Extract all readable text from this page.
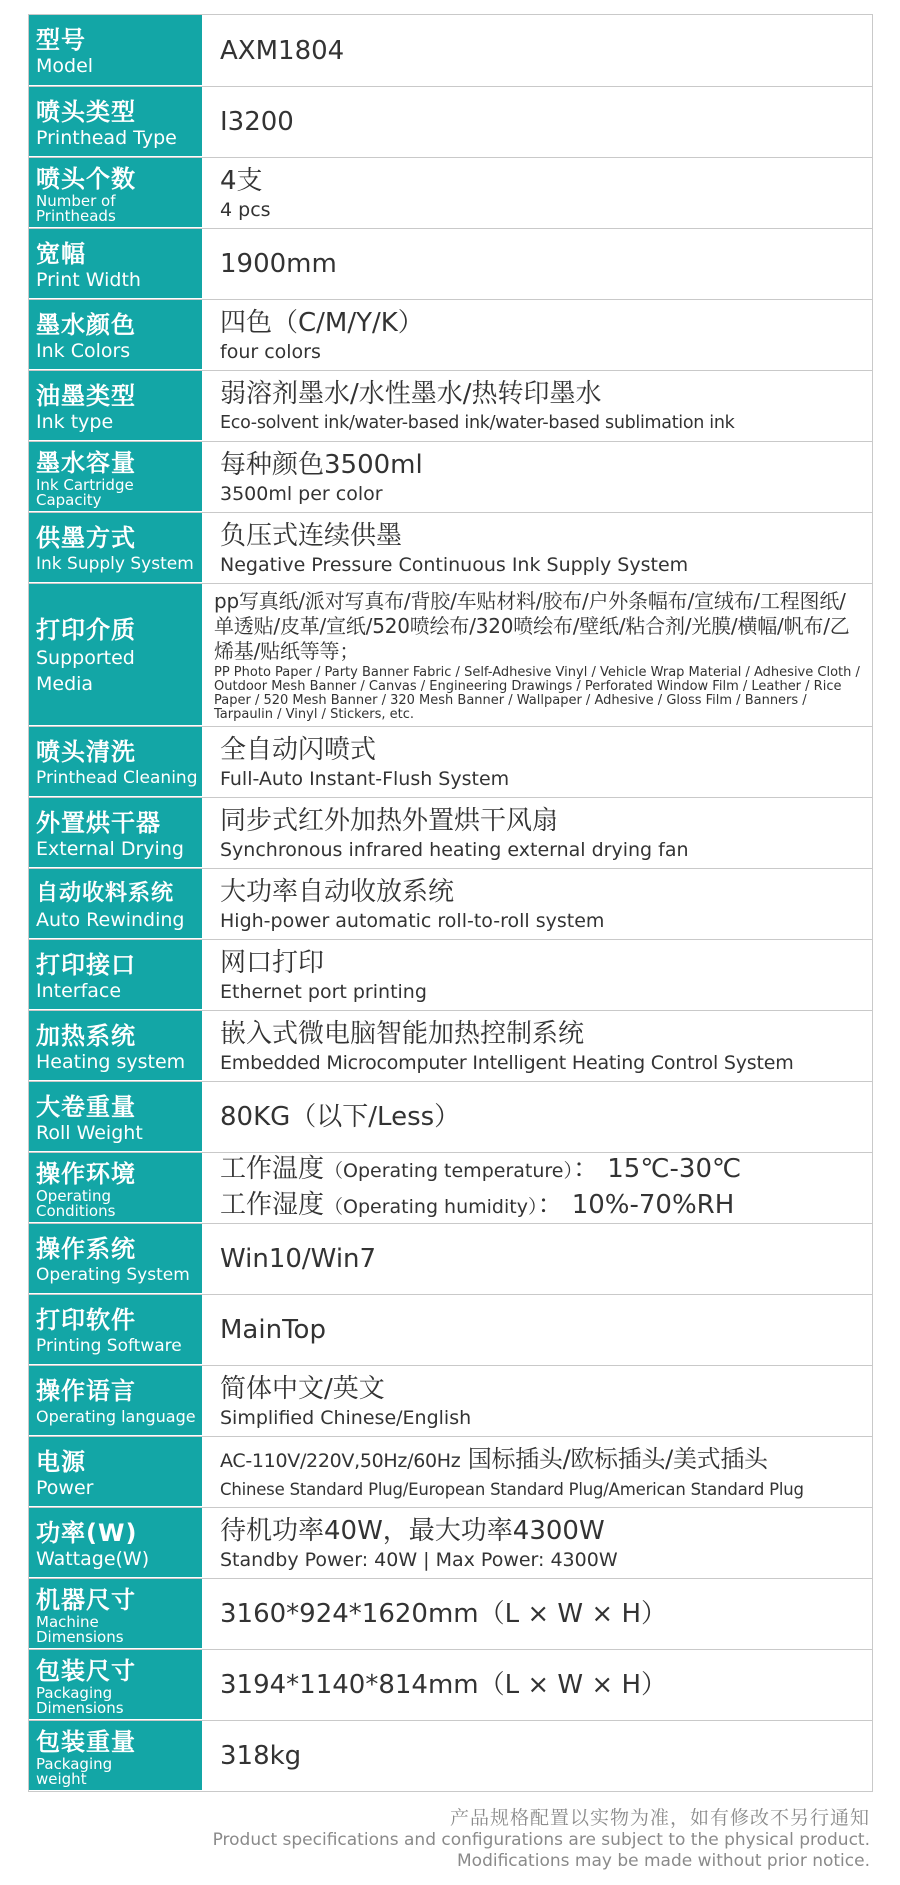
型号
Model
AXM1804
喷头类型
Printhead Type
I3200
喷头个数
Number of Printheads
4支
4 pcs
宽幅
Print Width
1900mm
墨水颜色
Ink Colors
四色（C/M/Y/K）
four colors
油墨类型
Ink type
弱溶剂墨水/水性墨水/热转印墨水
Eco-solvent ink/water-based ink/water-based sublimation ink
墨水容量
Ink Cartridge Capacity
每种颜色3500ml
3500ml per color
供墨方式
Ink Supply System
负压式连续供墨
Negative Pressure Continuous Ink Supply System
打印介质
Supported Media
pp写真纸/派对写真布/背胶/车贴材料/胶布/户外条幅布/宣绒布/工程图纸/单透贴/皮革/宣纸/520喷绘布/320喷绘布/壁纸/粘合剂/光膜/横幅/帆布/乙烯基/贴纸等等；
PP Photo Paper / Party Banner Fabric / Self-Adhesive Vinyl / Vehicle Wrap Material / Adhesive Cloth / Outdoor Mesh Banner / Canvas / Engineering Drawings / Perforated Window Film / Leather / Rice Paper / 520 Mesh Banner / 320 Mesh Banner / Wallpaper / Adhesive / Gloss Film / Banners / Tarpaulin / Vinyl / Stickers, etc.
喷头清洗
Printhead Cleaning
全自动闪喷式
Full-Auto Instant-Flush System
外置烘干器
External Drying
同步式红外加热外置烘干风扇
Synchronous infrared heating external drying fan
自动收料系统
Auto Rewinding
大功率自动收放系统
High-power automatic roll-to-roll system
打印接口
Interface
网口打印
Ethernet port printing
加热系统
Heating system
嵌入式微电脑智能加热控制系统
Embedded Microcomputer Intelligent Heating Control System
大卷重量
Roll Weight
80KG（以下/Less）
操作环境
Operating Conditions
工作温度（Operating temperature）： 15℃-30℃
工作湿度（Operating humidity）： 10%-70%RH
操作系统
Operating System
Win10/Win7
打印软件
Printing Software
MainTop
操作语言
Operating language
简体中文/英文
Simplified Chinese/English
电源
Power
AC-110V/220V,50Hz/60Hz 国标插头/欧标插头/美式插头
Chinese Standard Plug/European Standard Plug/American Standard Plug
功率(W)
Wattage(W)
待机功率40W，最大功率4300W
Standby Power: 40W | Max Power: 4300W
机器尺寸
Machine Dimensions
3160*924*1620mm（L × W × H）
包装尺寸
Packaging Dimensions
3194*1140*814mm（L × W × H）
包装重量
Packaging weight
318kg
产品规格配置以实物为准，如有修改不另行通知
Product specifications and configurations are subject to the physical product.
Modifications may be made without prior notice.
